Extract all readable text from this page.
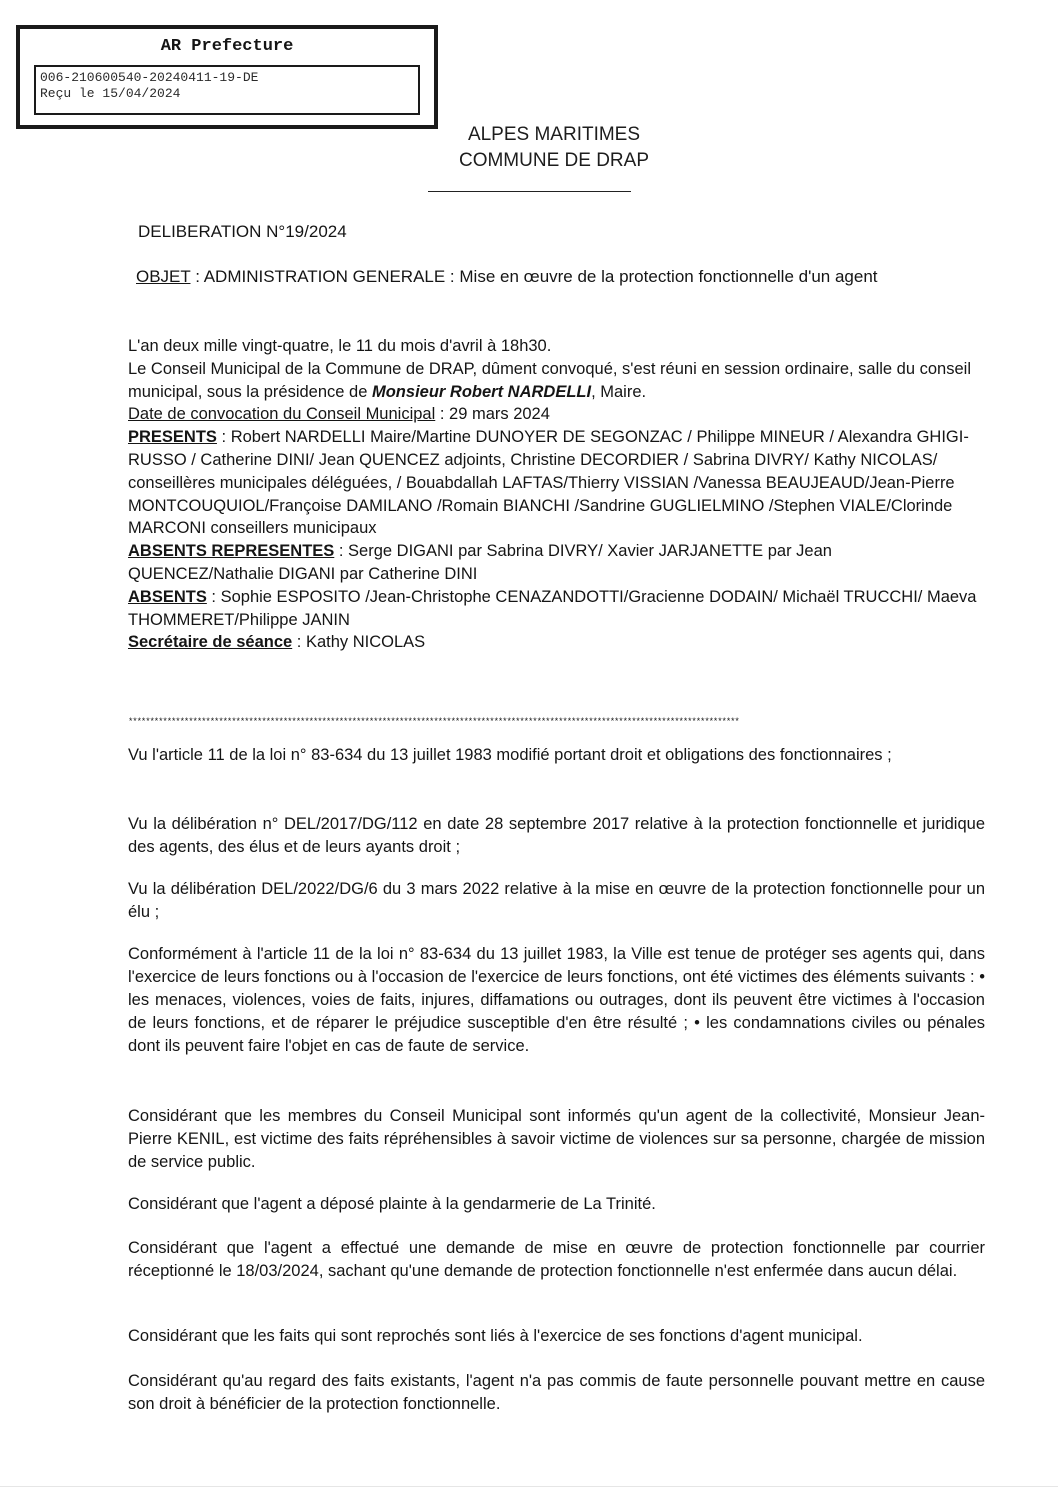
AR Prefecture
006-210600540-20240411-19-DE
Reçu le 15/04/2024
ALPES MARITIMES
COMMUNE DE DRAP
DELIBERATION N°19/2024
OBJET : ADMINISTRATION GENERALE : Mise en œuvre de la protection fonctionnelle d'un agent

L'an deux mille vingt-quatre, le 11 du mois d'avril à 18h30.

Le Conseil Municipal de la Commune de DRAP, dûment convoqué, s'est réuni en session ordinaire, salle du conseil municipal, sous la présidence de Monsieur Robert NARDELLI, Maire.

Date de convocation du Conseil Municipal : 29 mars 2024

PRESENTS : Robert NARDELLI Maire/Martine DUNOYER DE SEGONZAC / Philippe MINEUR / Alexandra GHIGI-RUSSO / Catherine DINI/ Jean QUENCEZ adjoints, Christine DECORDIER / Sabrina DIVRY/ Kathy NICOLAS/ conseillères municipales déléguées, / Bouabdallah LAFTAS/Thierry VISSIAN /Vanessa BEAUJEAUD/Jean-Pierre MONTCOUQUIOL/Françoise DAMILANO /Romain BIANCHI /Sandrine GUGLIELMINO /Stephen VIALE/Clorinde MARCONI conseillers municipaux

ABSENTS REPRESENTES : Serge DIGANI par Sabrina DIVRY/ Xavier JARJANETTE par Jean QUENCEZ/Nathalie DIGANI par Catherine DINI

ABSENTS : Sophie ESPOSITO /Jean-Christophe CENAZANDOTTI/Gracienne DODAIN/ Michaël TRUCCHI/ Maeva THOMMERET/Philippe JANIN

Secrétaire de séance : Kathy NICOLAS

**********************************************************************************************************************************************

Vu l'article 11 de la loi n° 83-634 du 13 juillet 1983 modifié portant droit et obligations des fonctionnaires ;

Vu la délibération n° DEL/2017/DG/112 en date 28 septembre 2017 relative à la protection fonctionnelle et juridique des agents, des élus et de leurs ayants droit ;

Vu la délibération DEL/2022/DG/6 du 3 mars 2022 relative à la mise en œuvre de la protection fonctionnelle pour un élu ;

Conformément à l'article 11 de la loi n° 83-634 du 13 juillet 1983, la Ville est tenue de protéger ses agents qui, dans l'exercice de leurs fonctions ou à l'occasion de l'exercice de leurs fonctions, ont été victimes des éléments suivants : • les menaces, violences, voies de faits, injures, diffamations ou outrages, dont ils peuvent être victimes à l'occasion de leurs fonctions, et de réparer le préjudice susceptible d'en être résulté ; • les condamnations civiles ou pénales dont ils peuvent faire l'objet en cas de faute de service.

Considérant que les membres du Conseil Municipal sont informés qu'un agent de la collectivité, Monsieur Jean-Pierre KENIL, est victime des faits répréhensibles à savoir victime de violences sur sa personne, chargée de mission de service public.

Considérant que l'agent a déposé plainte à la gendarmerie de La Trinité.

Considérant que l'agent a effectué une demande de mise en œuvre de protection fonctionnelle par courrier réceptionné le 18/03/2024, sachant qu'une demande de protection fonctionnelle n'est enfermée dans aucun délai.

Considérant que les faits qui sont reprochés sont liés à l'exercice de ses fonctions d'agent municipal.

Considérant qu'au regard des faits existants, l'agent n'a pas commis de faute personnelle pouvant mettre en cause son droit à bénéficier de la protection fonctionnelle.
